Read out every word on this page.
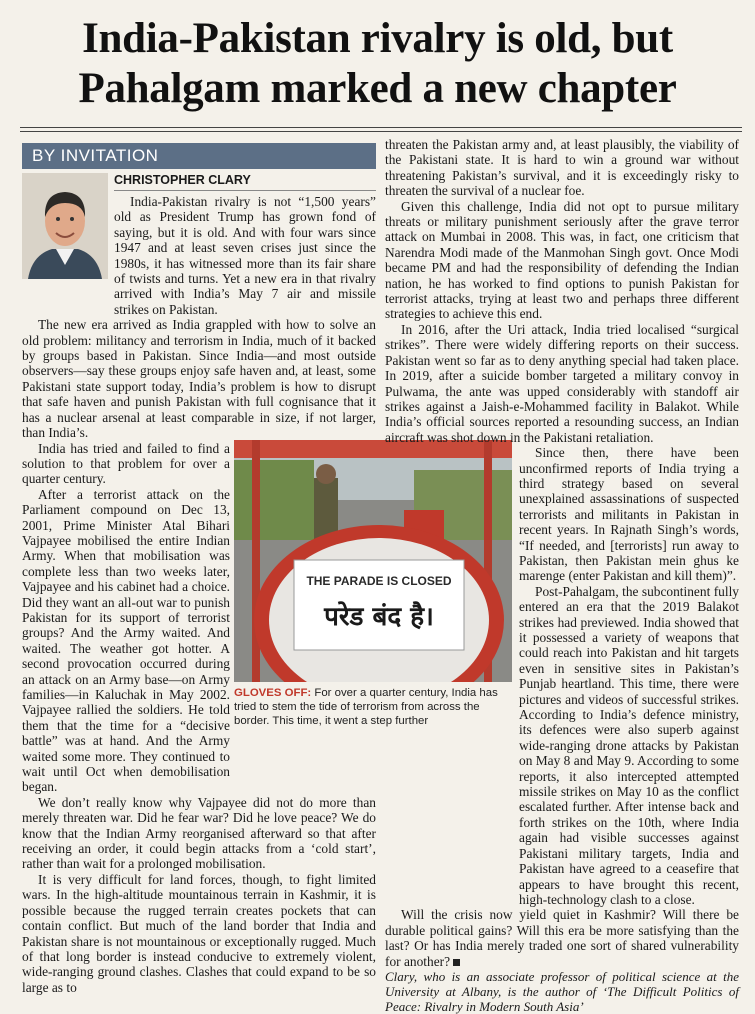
India-Pakistan rivalry is old, but
Pahalgam marked a new chapter
BY INVITATION
CHRISTOPHER CLARY

India-Pakistan rivalry is not “1,500 years” old as President Trump has grown fond of saying, but it is old. And with four wars since 1947 and at least seven crises just since the 1980s, it has witnessed more than its fair share of twists and turns. Yet a new era in that rivalry arrived with India’s May 7 air and missile strikes on Pakistan.

The new era arrived as India grappled with how to solve an old problem: militancy and terrorism in India, much of it backed by groups based in Pakistan. Since India—and most outside observers—say these groups enjoy safe haven and, at least, some Pakistani state support today, India’s problem is how to disrupt that safe haven and punish Pakistan with full cognisance that it has a nuclear arsenal at least comparable in size, if not larger, than India’s.

India has tried and failed to find a solution to that problem for over a quarter century.

After a terrorist attack on the Parliament compound on Dec 13, 2001, Prime Minister Atal Bihari Vajpayee mobilised the entire Indian Army. When that mobilisation was complete less than two weeks later, Vajpayee and his cabinet had a choice. Did they want an all-out war to punish Pakistan for its support of terrorist groups? And the Army waited. And waited. The weather got hotter. A second provocation occurred during an attack on an Army base—on Army families—in Kaluchak in May 2002. Vajpayee rallied the soldiers. He told them that the time for a “decisive battle” was at hand. And the Army waited some more. They continued to wait until Oct when demobilisation began.

We don’t really know why Vajpayee did not do more than merely threaten war. Did he fear war? Did he love peace? We do know that the Indian Army reorganised afterward so that after receiving an order, it could begin attacks from a ‘cold start’, rather than wait for a prolonged mobilisation.

It is very difficult for land forces, though, to fight limited wars. In the high-altitude mountainous terrain in Kashmir, it is possible because the rugged terrain creates pockets that can contain conflict. But much of the land border that India and Pakistan share is not mountainous or exceptionally rugged. Much of that long border is instead conducive to extremely violent, wide-ranging ground clashes. Clashes that could expand to be so large as to

THE PARADE IS CLOSED
परेड बंद है।
GLOVES OFF: For over a quarter century, India has tried to stem the tide of terrorism from across the border. This time, it went a step further

threaten the Pakistan army and, at least plausibly, the viability of the Pakistani state. It is hard to win a ground war without threatening Pakistan’s survival, and it is exceedingly risky to threaten the survival of a nuclear foe.

Given this challenge, India did not opt to pursue military threats or military punishment seriously after the grave terror attack on Mumbai in 2008. This was, in fact, one criticism that Narendra Modi made of the Manmohan Singh govt. Once Modi became PM and had the responsibility of defending the Indian nation, he has worked to find options to punish Pakistan for terrorist attacks, trying at least two and perhaps three different strategies to achieve this end.

In 2016, after the Uri attack, India tried localised “surgical strikes”. There were widely differing reports on their success. Pakistan went so far as to deny anything special had taken place. In 2019, after a suicide bomber targeted a military convoy in Pulwama, the ante was upped considerably with standoff air strikes against a Jaish-e-Mohammed facility in Balakot. While India’s official sources reported a resounding success, an Indian aircraft was shot down in the Pakistani retaliation.

Since then, there have been unconfirmed reports of India trying a third strategy based on several unexplained assassinations of suspected terrorists and militants in Pakistan in recent years. In Rajnath Singh’s words, “If needed, and [terrorists] run away to Pakistan, then Pakistan mein ghus ke marenge (enter Pakistan and kill them)”.

Post-Pahalgam, the subcontinent fully entered an era that the 2019 Balakot strikes had previewed. India showed that it possessed a variety of weapons that could reach into Pakistan and hit targets even in sensitive sites in Pakistan’s Punjab heartland. This time, there were pictures and videos of successful strikes. According to India’s defence ministry, its defences were also superb against wide-ranging drone attacks by Pakistan on May 8 and May 9. According to some reports, it also intercepted attempted missile strikes on May 10 as the conflict escalated further. After intense back and forth strikes on the 10th, where India again had visible successes against Pakistani military targets, India and Pakistan have agreed to a ceasefire that appears to have brought this recent, high-technology clash to a close.

Will the crisis now yield quiet in Kashmir? Will there be durable political gains? Will this era be more satisfying than the last? Or has India merely traded one sort of shared vulnerability for another?

Clary, who is an associate professor of political science at the University at Albany, is the author of ‘The Difficult Politics of Peace: Rivalry in Modern South Asia’
